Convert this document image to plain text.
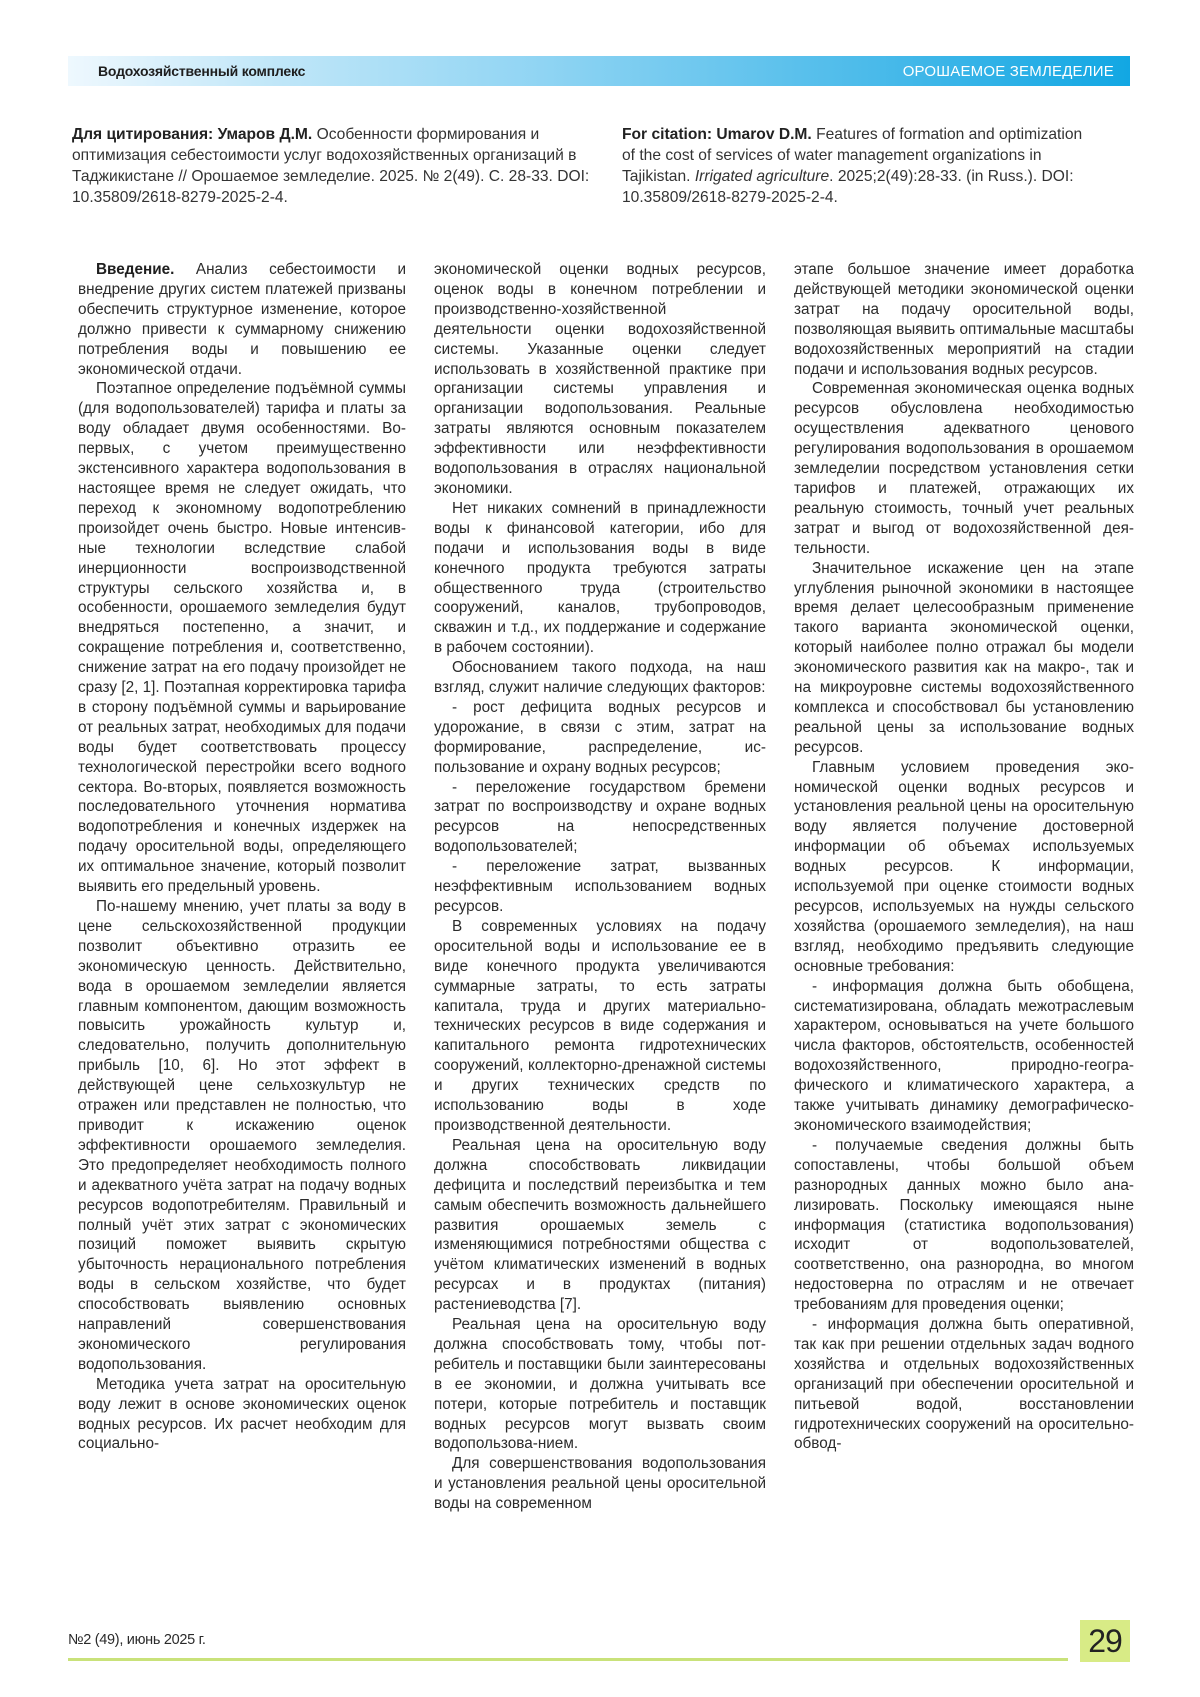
Водохозяйственный комплекс	ОРОШАЕМОЕ ЗЕМЛЕДЕЛИЕ
Для цитирования: Умаров Д.М. Особенности формирования и оптимизация себестоимости услуг водохозяйственных организаций в Таджикистане // Орошаемое земледелие. 2025. № 2(49). С. 28-33. DOI: 10.35809/2618-8279-2025-2-4.
For citation: Umarov D.M. Features of formation and optimization of the cost of services of water management organizations in Tajikistan. Irrigated agriculture. 2025;2(49):28-33. (in Russ.). DOI: 10.35809/2618-8279-2025-2-4.

Введение. Анализ себестоимости и внедрение других систем платежей призваны обеспечить структурное изменение, которое должно привести к суммарному снижению потребления воды и повышению ее экономической отдачи.

Поэтапное определение подъёмной суммы (для водопользователей) тарифа и платы за воду обладает двумя особенностями. Во-первых, с учетом преимущественно экстенсивного характера водопользования в настоящее время не следует ожидать, что переход к экономному водопотреблению произойдет очень быстро. Новые интенсивные технологии вследствие слабой инерционности воспроизводственной структуры сельского хозяйства и, в особенности, орошаемого земледелия будут внедряться постепенно, а значит, и сокращение потребления и, соответственно, снижение затрат на его подачу произойдет не сразу [2, 1]. Поэтапная корректировка тарифа в сторону подъёмной суммы и варьирование от реальных затрат, необходимых для подачи воды будет соответствовать процессу технологической перестройки всего водного сектора. Во-вторых, появляется возможность последовательного уточнения норматива водопотребления и конечных издержек на подачу оросительной воды, определяющего их оптимальное значение, который позволит выявить его предельный уровень.

По-нашему мнению, учет платы за воду в цене сельскохозяйственной продукции позволит объективно отразить ее экономическую ценность. Действительно, вода в орошаемом земледелии является главным компонентом, дающим возможность повысить урожайность культур и, следовательно, получить дополнительную прибыль [10, 6]. Но этот эффект в действующей цене сельхозкультур не отражен или представлен не полностью, что приводит к искажению оценок эффективности орошаемого земледелия. Это предопределяет необходимость полного и адекватного учёта затрат на подачу водных ресурсов водопотребителям. Правильный и полный учёт этих затрат с экономических позиций поможет выявить скрытую убыточность нерационального потребления воды в сельском хозяйстве, что будет способствовать выявлению основных направлений совершенствования экономического регулирования водопользования.

Методика учета затрат на оросительную воду лежит в основе экономических оценок водных ресурсов. Их расчет необходим для социально-

экономической оценки водных ресурсов, оценок воды в конечном потреблении и производственно-хозяйственной деятельности оценки водохозяйственной системы. Указанные оценки следует использовать в хозяйственной практике при организации системы управления и организации водопользования. Реальные затраты являются основным показателем эффективности или неэффективности водопользования в отраслях национальной экономики.

Нет никаких сомнений в принадлежности воды к финансовой категории, ибо для подачи и использования воды в виде конечного продукта требуются затраты общественного труда (строительство сооружений, каналов, трубопроводов, скважин и т.д., их поддержание и содержание в рабочем состоянии).

Обоснованием такого подхода, на наш взгляд, служит наличие следующих факторов:

- рост дефицита водных ресурсов и удорожание, в связи с этим, затрат на формирование, распределение, использование и охрану водных ресурсов;

- переложение государством бремени затрат по воспроизводству и охране водных ресурсов на непосредственных водопользователей;

- переложение затрат, вызванных неэффективным использованием водных ресурсов.

В современных условиях на подачу оросительной воды и использование ее в виде конечного продукта увеличиваются суммарные затраты, то есть затраты капитала, труда и других материально-технических ресурсов в виде содержания и капитального ремонта гидротехнических сооружений, коллекторно-дренажной системы и других технических средств по использованию воды в ходе производственной деятельности.

Реальная цена на оросительную воду должна способствовать ликвидации дефицита и последствий переизбытка и тем самым обеспечить возможность дальнейшего развития орошаемых земель с изменяющимися потребностями общества с учётом климатических изменений в водных ресурсах и в продуктах (питания) растениеводства [7].

Реальная цена на оросительную воду должна способствовать тому, чтобы потребитель и поставщики были заинтересованы в ее экономии, и должна учитывать все потери, которые потребитель и поставщик водных ресурсов могут вызвать своим водопользова-нием.

Для совершенствования водопользования и установления реальной цены оросительной воды на современном

этапе большое значение имеет доработка действующей методики экономической оценки затрат на подачу оросительной воды, позволяющая выявить оптимальные масштабы водохозяйственных мероприятий на стадии подачи и использования водных ресурсов.

Современная экономическая оценка водных ресурсов обусловлена необходимостью осуществления адекватного ценового регулирования водопользования в орошаемом земледелии посредством установления сетки тарифов и платежей, отражающих их реальную стоимость, точный учет реальных затрат и выгод от водохозяйственной деятельности.

Значительное искажение цен на этапе углубления рыночной экономики в настоящее время делает целесообразным применение такого варианта экономической оценки, который наиболее полно отражал бы модели экономического развития как на макро-, так и на микроуровне системы водохозяйственного комплекса и способствовал бы установлению реальной цены за использование водных ресурсов.

Главным условием проведения экономической оценки водных ресурсов и установления реальной цены на оросительную воду является получение достоверной информации об объемах используемых водных ресурсов. К информации, используемой при оценке стоимости водных ресурсов, используемых на нужды сельского хозяйства (орошаемого земледелия), на наш взгляд, необходимо предъявить следующие основные требования:

- информация должна быть обобщена, систематизирована, обладать межотраслевым характером, основываться на учете большого числа факторов, обстоятельств, особенностей водохозяйственного, природно-географического и климатического характера, а также учитывать динамику демографическо-экономического взаимодействия;

- получаемые сведения должны быть сопоставлены, чтобы большой объем разнородных данных можно было анализировать. Поскольку имеющаяся ныне информация (статистика водопользования) исходит от водопользователей, соответственно, она разнородна, во многом недостоверна по отраслям и не отвечает требованиям для проведения оценки;

- информация должна быть оперативной, так как при решении отдельных задач водного хозяйства и отдельных водохозяйственных организаций при обеспечении оросительной и питьевой водой, восстановлении гидротехнических сооружений на оросительно- обвод-

№2 (49), июнь 2025 г.	29
